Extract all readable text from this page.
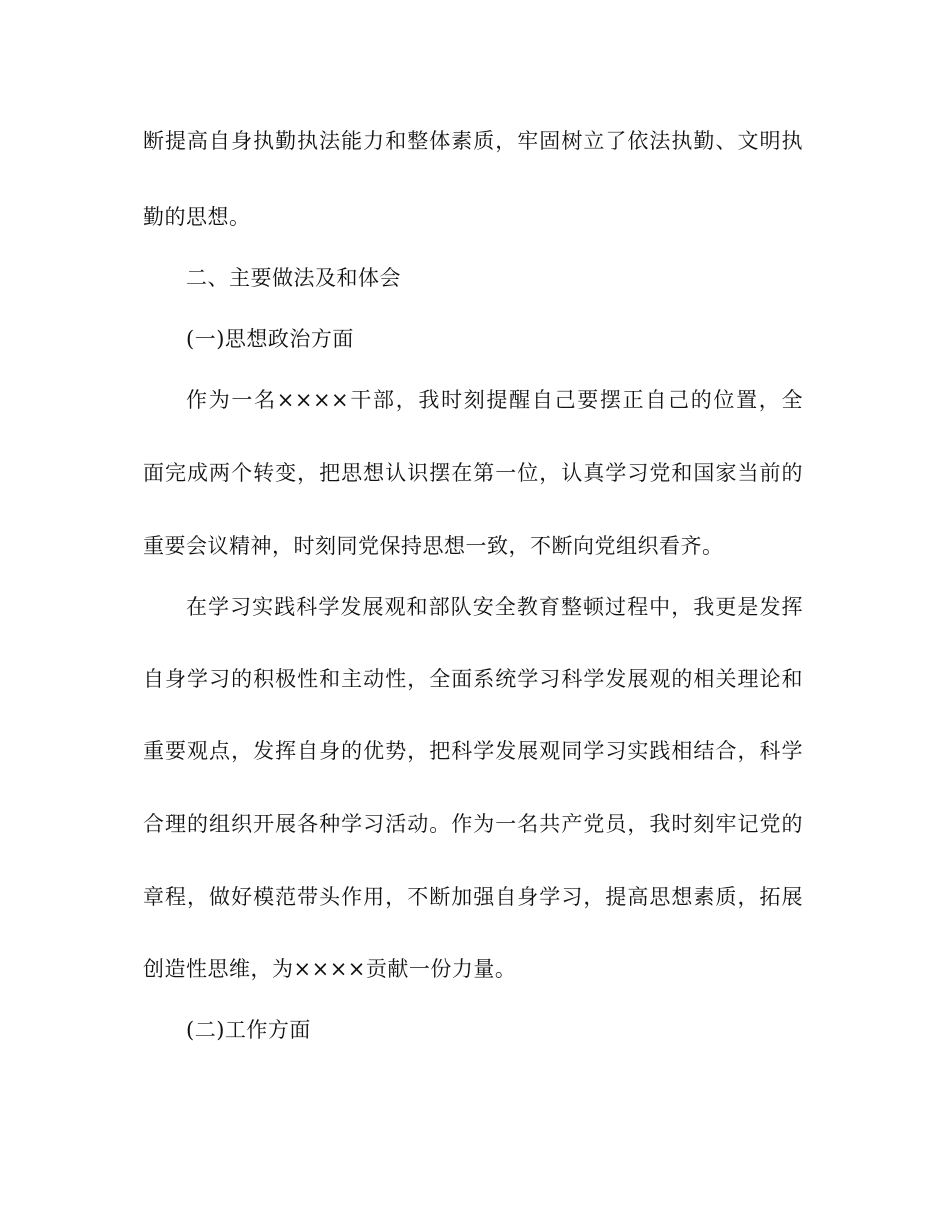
断提高自身执勤执法能力和整体素质，牢固树立了依法执勤、文明执
勤的思想。
二、主要做法及和体会
(一)思想政治方面
作为一名××××干部，我时刻提醒自己要摆正自己的位置，全
面完成两个转变，把思想认识摆在第一位，认真学习党和国家当前的
重要会议精神，时刻同党保持思想一致，不断向党组织看齐。
在学习实践科学发展观和部队安全教育整顿过程中，我更是发挥
自身学习的积极性和主动性，全面系统学习科学发展观的相关理论和
重要观点，发挥自身的优势，把科学发展观同学习实践相结合，科学
合理的组织开展各种学习活动。作为一名共产党员，我时刻牢记党的
章程，做好模范带头作用，不断加强自身学习，提高思想素质，拓展
创造性思维，为××××贡献一份力量。
(二)工作方面
